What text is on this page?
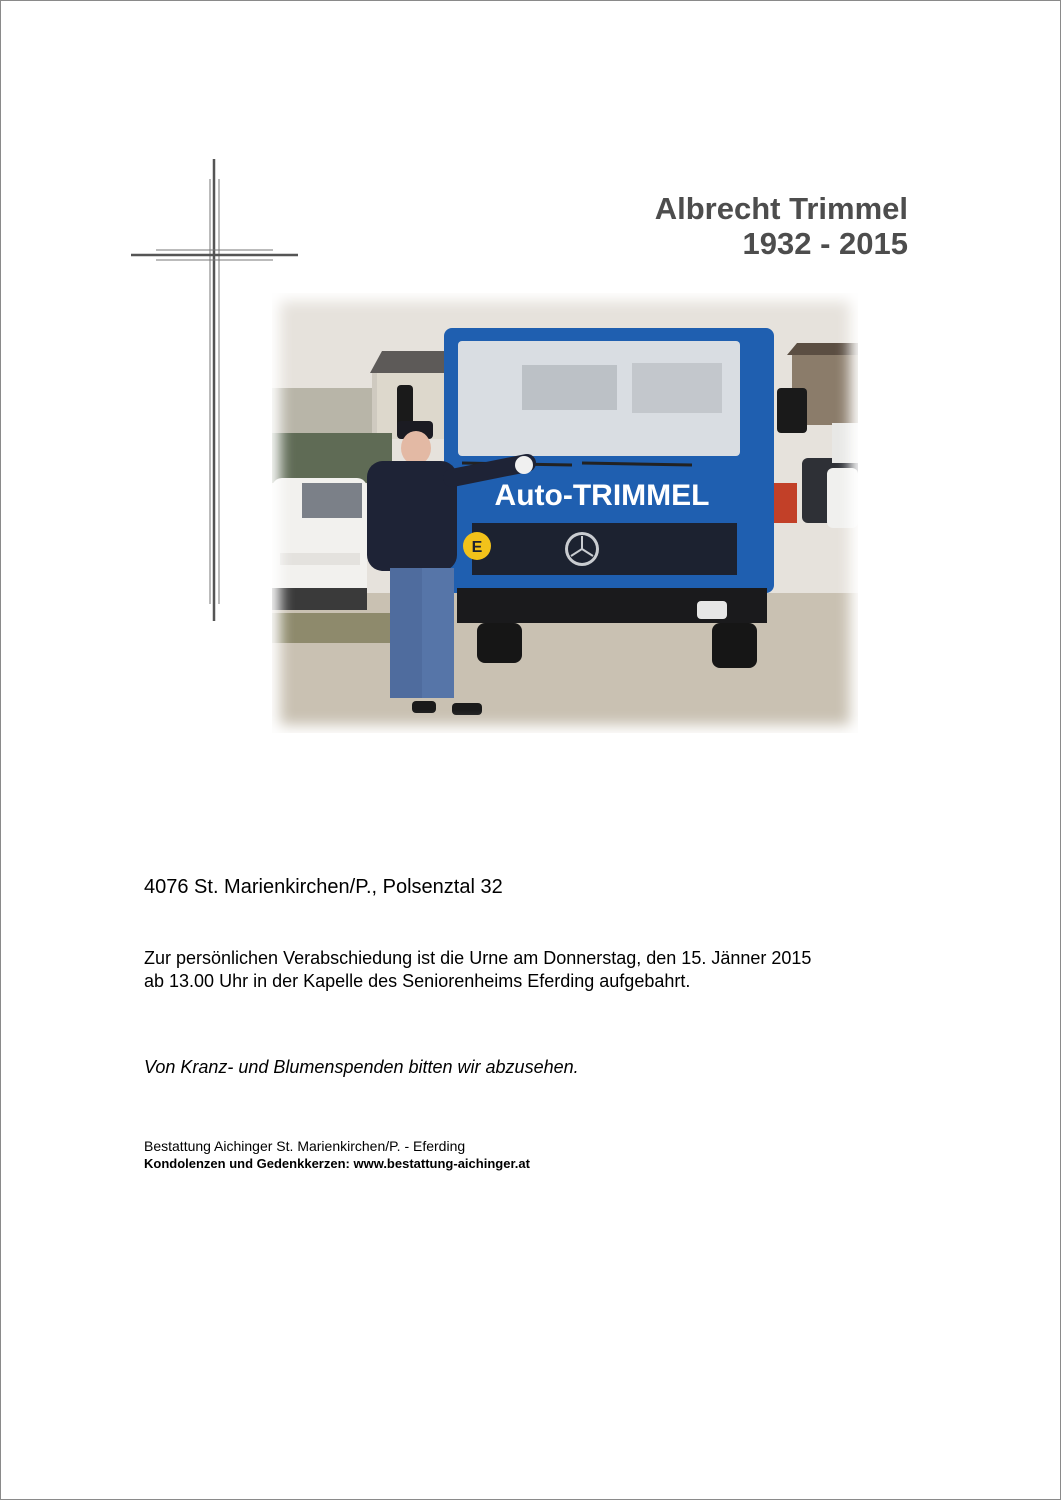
Albrecht Trimmel
1932 - 2015
E
Auto-TRIMMEL
4076 St. Marienkirchen/P., Polsenztal 32
Zur persönlichen Verabschiedung ist die Urne am Donnerstag, den 15. Jänner 2015
ab 13.00 Uhr in der Kapelle des Seniorenheims Eferding aufgebahrt.
Von Kranz- und Blumenspenden bitten wir abzusehen.
Bestattung Aichinger St. Marienkirchen/P. - Eferding
Kondolenzen und Gedenkkerzen: www.bestattung-aichinger.at
